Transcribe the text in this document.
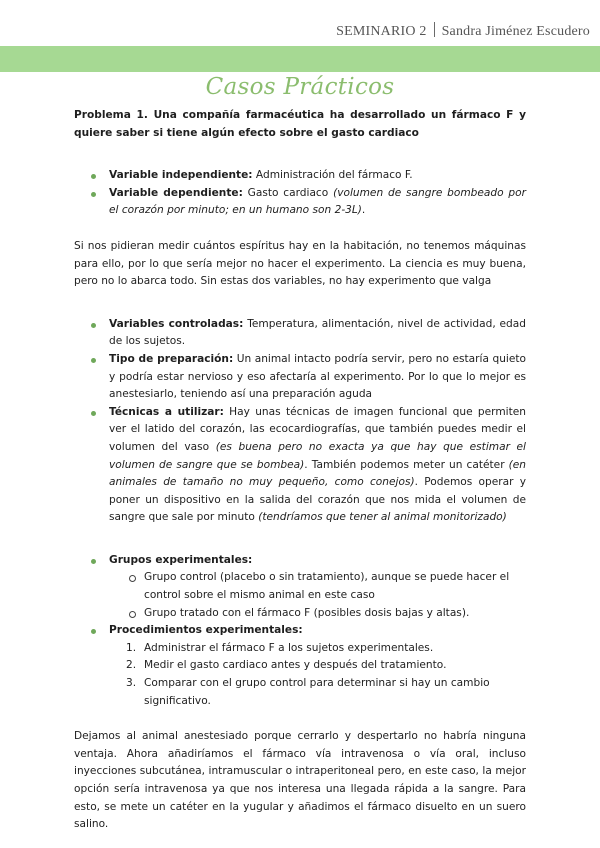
SEMINARIO 2 Sandra Jiménez Escudero
Casos Prácticos

Problema 1. Una compañía farmacéutica ha desarrollado un fármaco F y quiere saber si tiene algún efecto sobre el gasto cardiaco

Variable independiente: Administración del fármaco F.
Variable dependiente: Gasto cardiaco (volumen de sangre bombeado por el corazón por minuto; en un humano son 2-3L).

Si nos pidieran medir cuántos espíritus hay en la habitación, no tenemos máquinas para ello, por lo que sería mejor no hacer el experimento. La ciencia es muy buena, pero no lo abarca todo. Sin estas dos variables, no hay experimento que valga

Variables controladas: Temperatura, alimentación, nivel de actividad, edad de los sujetos.
Tipo de preparación: Un animal intacto podría servir, pero no estaría quieto y podría estar nervioso y eso afectaría al experimento. Por lo que lo mejor es anestesiarlo, teniendo así una preparación aguda
Técnicas a utilizar: Hay unas técnicas de imagen funcional que permiten ver el latido del corazón, las ecocardiografías, que también puedes medir el volumen del vaso (es buena pero no exacta ya que hay que estimar el volumen de sangre que se bombea). También podemos meter un catéter (en animales de tamaño no muy pequeño, como conejos). Podemos operar y poner un dispositivo en la salida del corazón que nos mida el volumen de sangre que sale por minuto (tendríamos que tener al animal monitorizado)
Grupos experimentales:
Grupo control (placebo o sin tratamiento), aunque se puede hacer el control sobre el mismo animal en este caso
Grupo tratado con el fármaco F (posibles dosis bajas y altas).
Procedimientos experimentales:
1. Administrar el fármaco F a los sujetos experimentales.
2. Medir el gasto cardiaco antes y después del tratamiento.
3. Comparar con el grupo control para determinar si hay un cambio significativo.

Dejamos al animal anestesiado porque cerrarlo y despertarlo no habría ninguna ventaja. Ahora añadiríamos el fármaco vía intravenosa o vía oral, incluso inyecciones subcutánea, intramuscular o intraperitoneal pero, en este caso, la mejor opción sería intravenosa ya que nos interesa una llegada rápida a la sangre. Para esto, se mete un catéter en la yugular y añadimos el fármaco disuelto en un suero salino.
